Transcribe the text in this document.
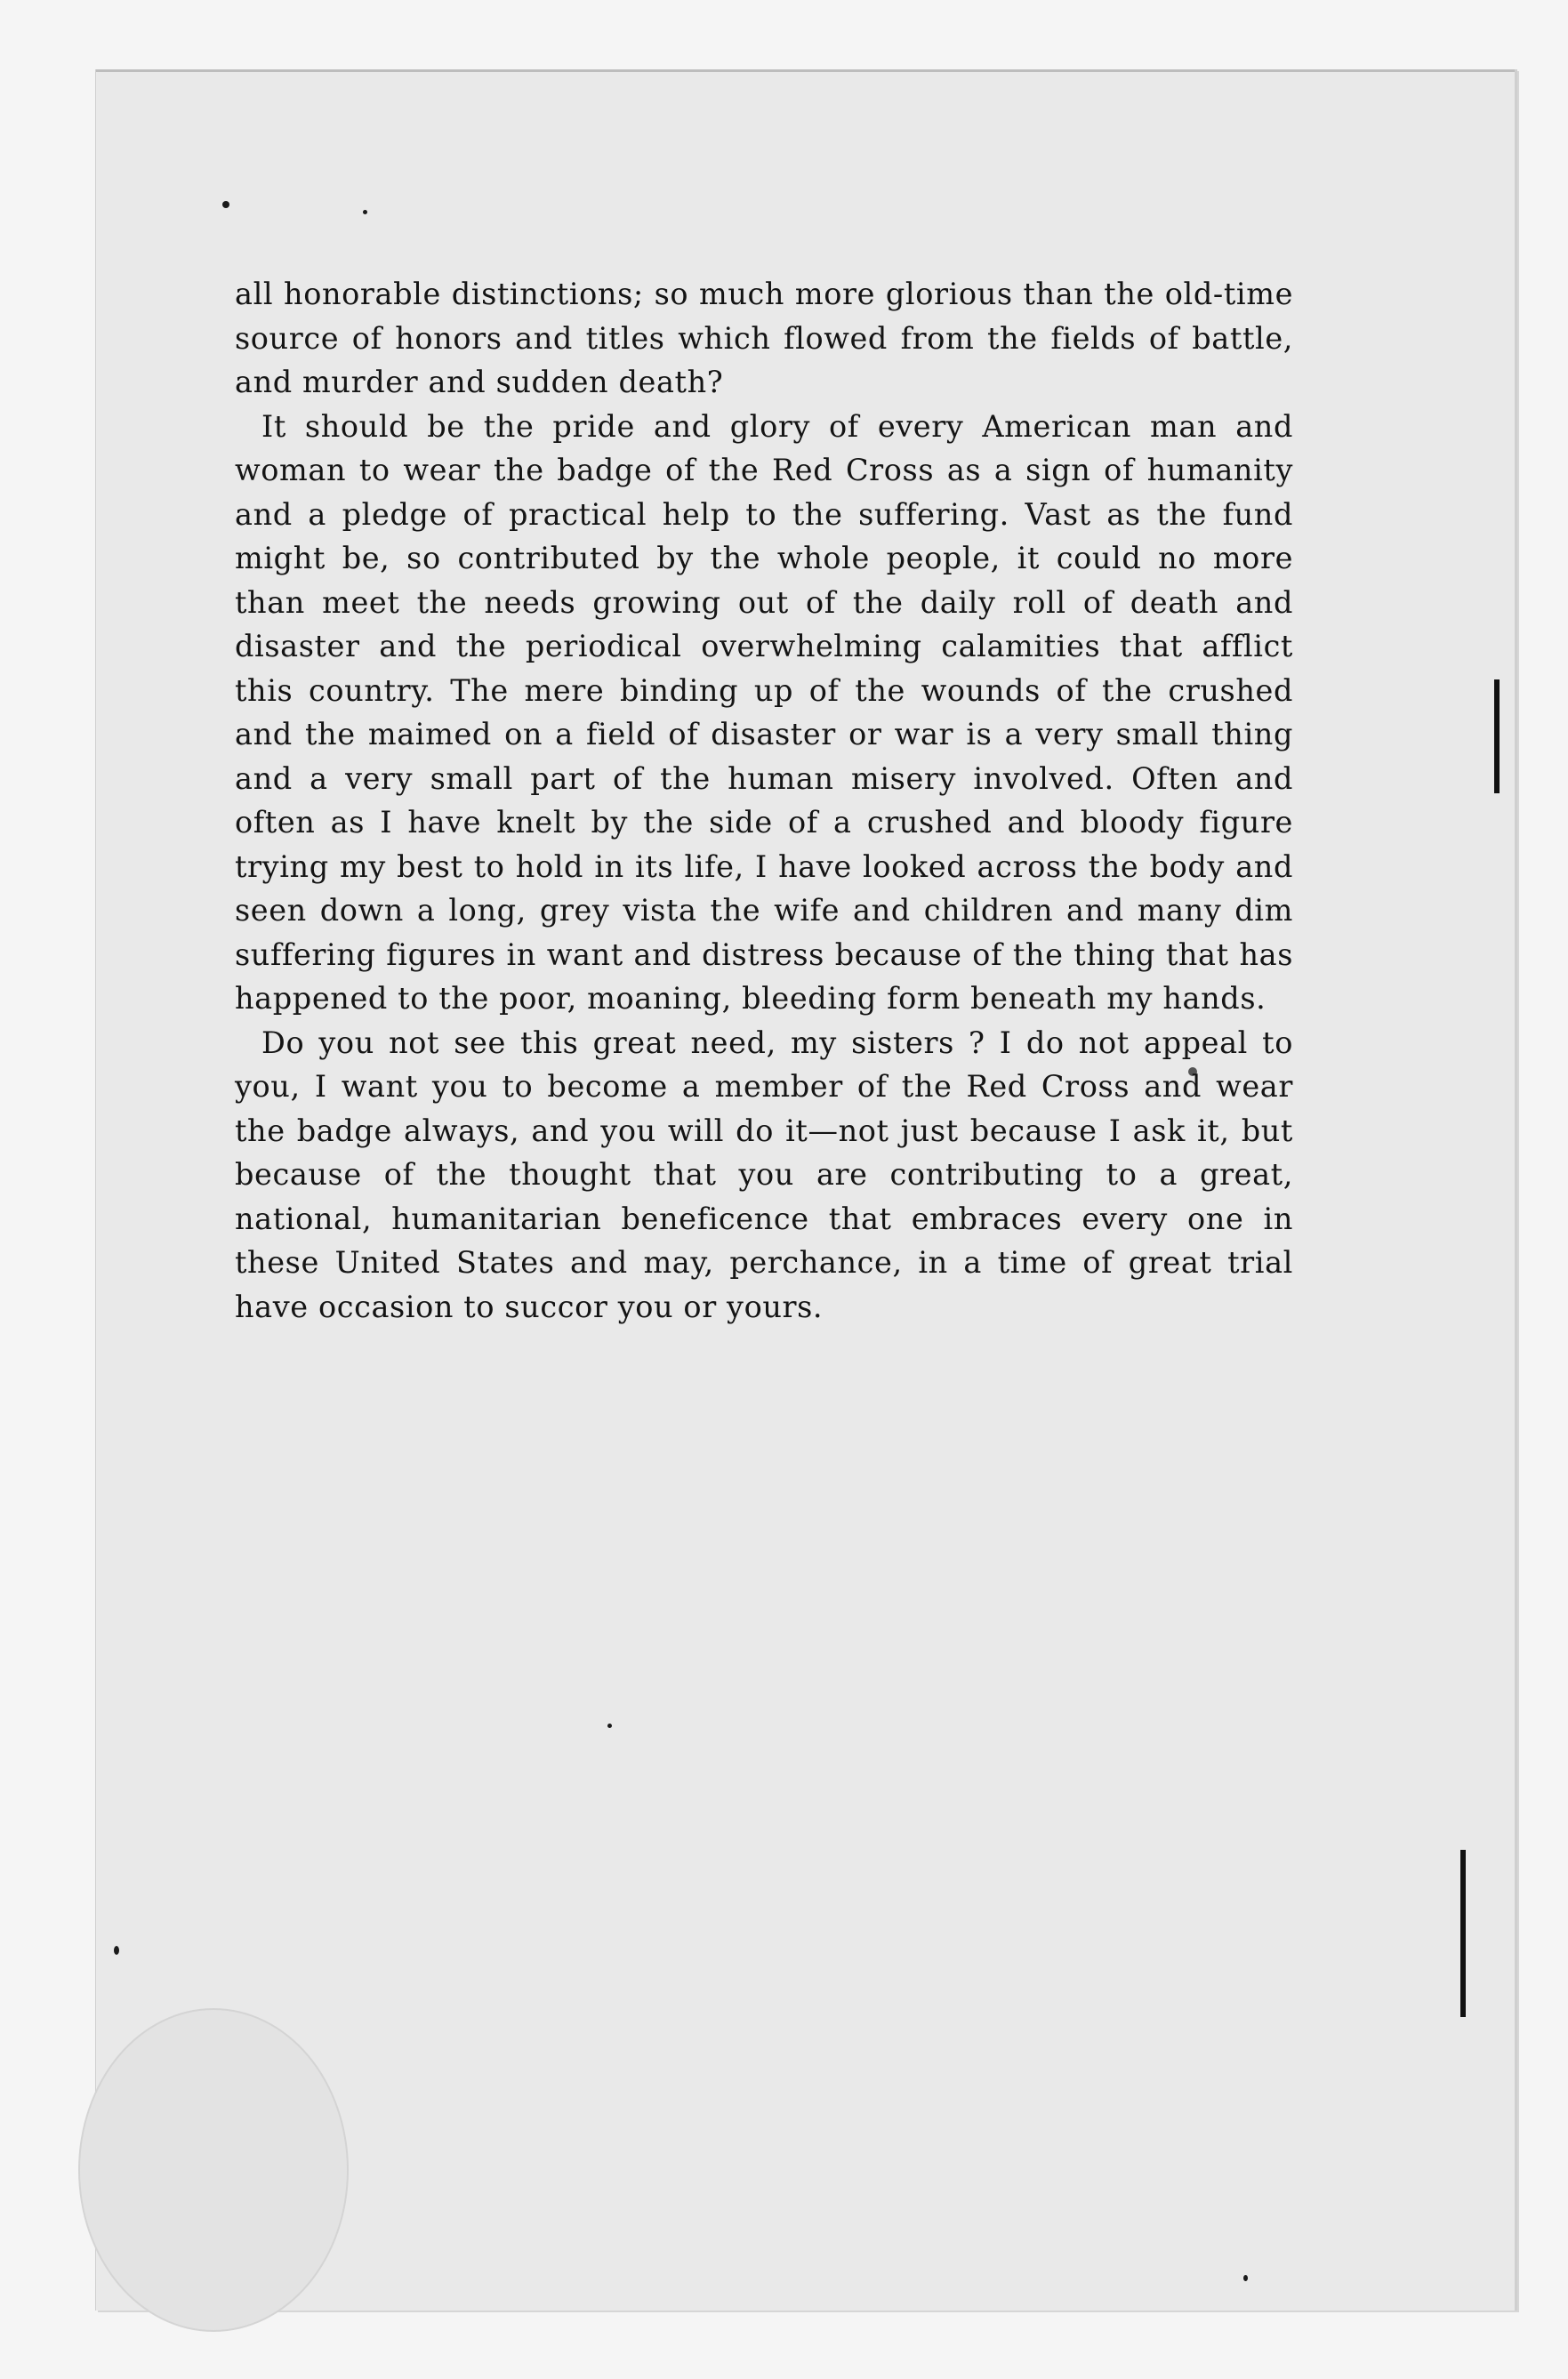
all honorable distinctions; so much more glorious than the old-time source of honors and titles which flowed from the fields of battle, and murder and sudden death?

It should be the pride and glory of every American man and woman to wear the badge of the Red Cross as a sign of humanity and a pledge of practical help to the suffering. Vast as the fund might be, so contributed by the whole people, it could no more than meet the needs growing out of the daily roll of death and disaster and the periodical overwhelming calamities that afflict this country. The mere binding up of the wounds of the crushed and the maimed on a field of disaster or war is a very small thing and a very small part of the human misery involved. Often and often as I have knelt by the side of a crushed and bloody figure trying my best to hold in its life, I have looked across the body and seen down a long, grey vista the wife and children and many dim suffering figures in want and distress because of the thing that has happened to the poor, moaning, bleeding form beneath my hands.

Do you not see this great need, my sisters ? I do not appeal to you, I want you to become a member of the Red Cross and wear the badge always, and you will do it—not just because I ask it, but because of the thought that you are contributing to a great, national, humanitarian beneficence that embraces every one in these United States and may, perchance, in a time of great trial have occasion to succor you or yours.
